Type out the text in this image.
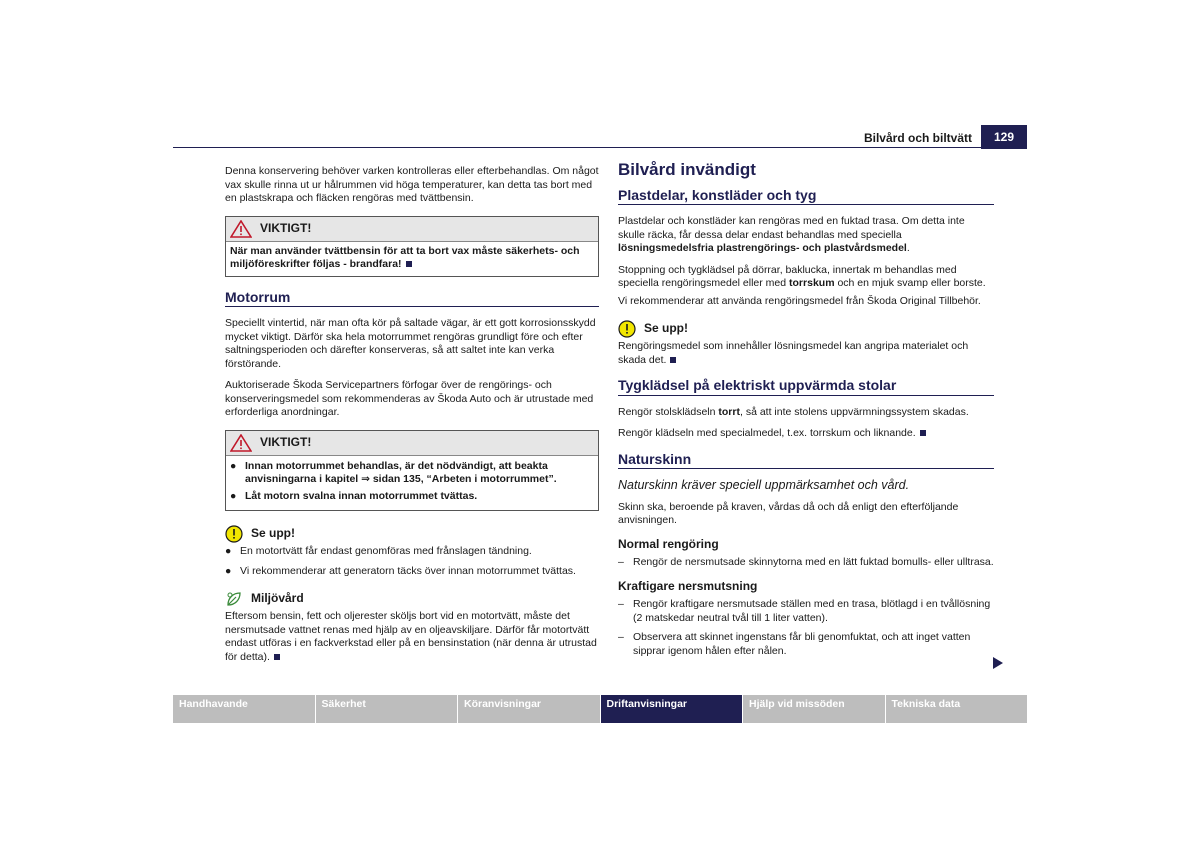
Bilvård och biltvätt	129

Denna konservering behöver varken kontrolleras eller efterbehandlas. Om något vax skulle rinna ut ur hålrummen vid höga temperaturer, kan detta tas bort med en plastskrapa och fläcken rengöras med tvättbensin.

VIKTIGT!
När man använder tvättbensin för att ta bort vax måste säkerhets- och miljöföreskrifter följas - brandfara!
Motorrum

Speciellt vintertid, när man ofta kör på saltade vägar, är ett gott korrosionsskydd mycket viktigt. Därför ska hela motorrummet rengöras grundligt före och efter saltningsperioden och därefter konserveras, så att saltet inte kan verka förstörande.

Auktoriserade Škoda Servicepartners förfogar över de rengörings- och konserveringsmedel som rekommenderas av Škoda Auto och är utrustade med erforderliga anordningar.

VIKTIGT!
● Innan motorrummet behandlas, är det nödvändigt, att beakta anvisningarna i kapitel ⇒ sidan 135, “Arbeten i motorrummet”.
● Låt motorn svalna innan motorrummet tvättas.
Se upp!
● En motortvätt får endast genomföras med frånslagen tändning.
● Vi rekommenderar att generatorn täcks över innan motorrummet tvättas.
Miljövård

Eftersom bensin, fett och oljerester sköljs bort vid en motortvätt, måste det nersmutsade vattnet renas med hjälp av en oljeavskiljare. Därför får motortvätt endast utföras i en fackverkstad eller på en bensinstation (när denna är utrustad för detta).

Bilvård invändigt
Plastdelar, konstläder och tyg

Plastdelar och konstläder kan rengöras med en fuktad trasa. Om detta inte skulle räcka, får dessa delar endast behandlas med speciella lösningsmedelsfria plastrengörings- och plastvårdsmedel.

Stoppning och tygklädsel på dörrar, baklucka, innertak m behandlas med speciella rengöringsmedel eller med torrskum och en mjuk svamp eller borste.

Vi rekommenderar att använda rengöringsmedel från Škoda Original Tillbehör.

Se upp!

Rengöringsmedel som innehåller lösningsmedel kan angripa materialet och skada det.

Tygklädsel på elektriskt uppvärmda stolar

Rengör stolsklädseln torrt, så att inte stolens uppvärmningssystem skadas.

Rengör klädseln med specialmedel, t.ex. torrskum och liknande.

Naturskinn

Naturskinn kräver speciell uppmärksamhet och vård.

Skinn ska, beroende på kraven, vårdas då och då enligt den efterföljande anvisningen.

Normal rengöring
– Rengör de nersmutsade skinnytorna med en lätt fuktad bomulls- eller ulltrasa.
Kraftigare nersmutsning
– Rengör kraftigare nersmutsade ställen med en trasa, blötlagd i en tvållösning (2 matskedar neutral tvål till 1 liter vatten).
– Observera att skinnet ingenstans får bli genomfuktat, och att inget vatten sipprar igenom hålen efter nålen.
Handhavande	Säkerhet	Köranvisningar	Driftanvisningar	Hjälp vid missöden	Tekniska data
